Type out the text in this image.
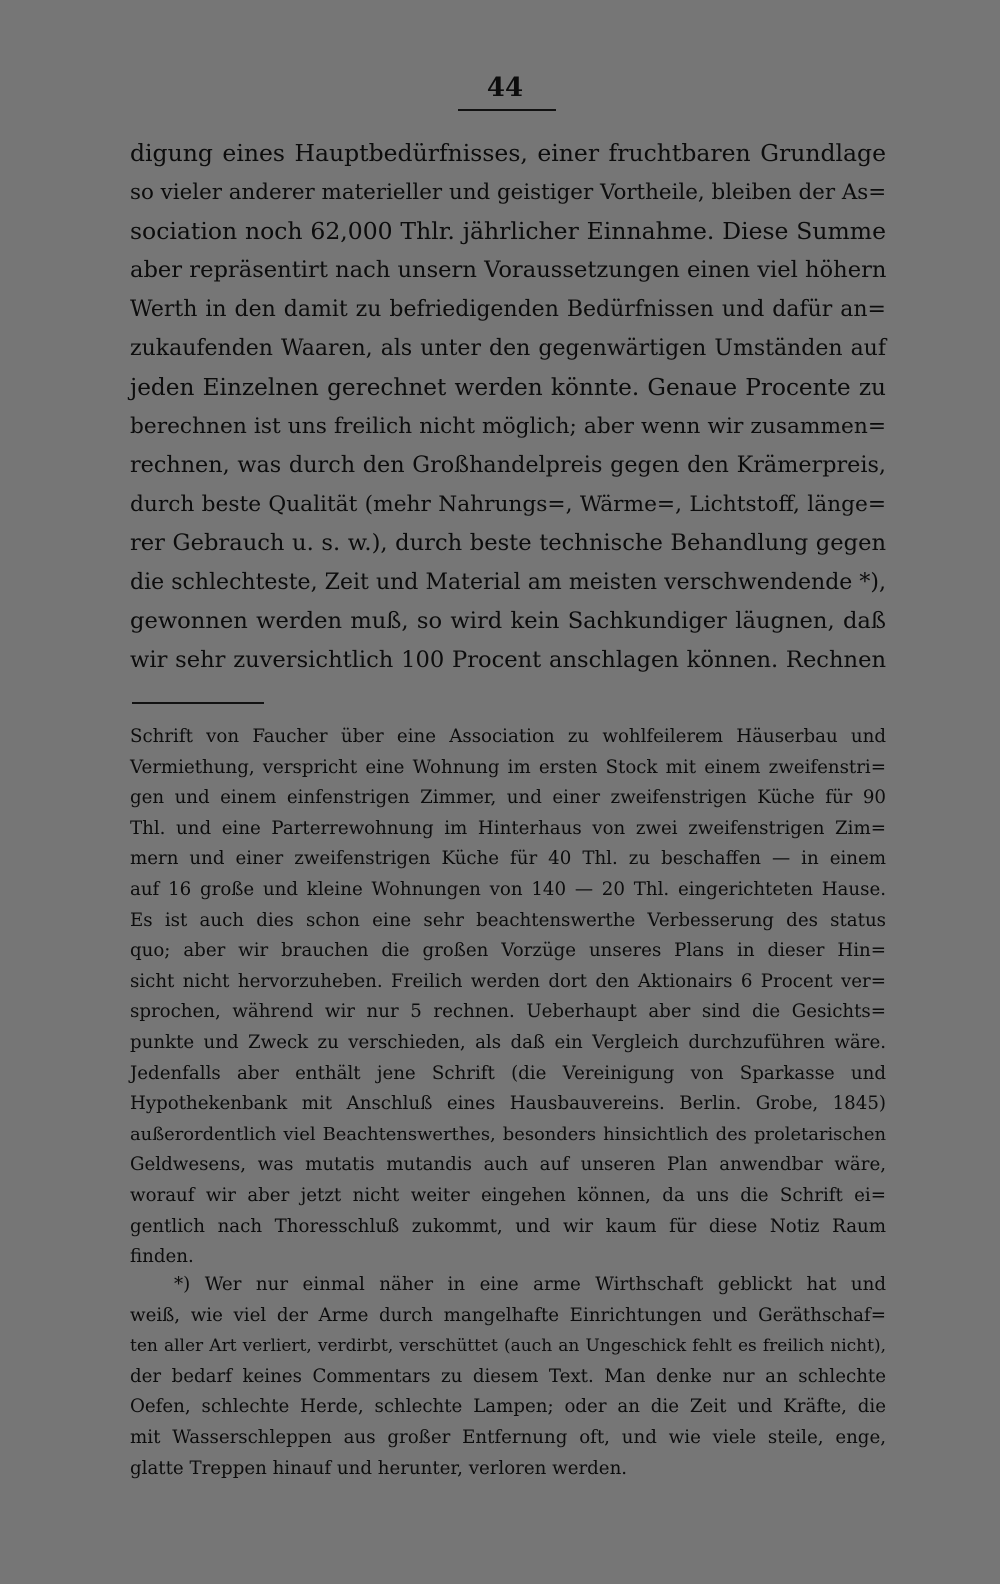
44
digung eines Hauptbedürfnisses, einer fruchtbaren Grundlage
so vieler anderer materieller und geistiger Vortheile, bleiben der As=
sociation noch 62,000 Thlr. jährlicher Einnahme. Diese Summe
aber repräsentirt nach unsern Voraussetzungen einen viel höhern
Werth in den damit zu befriedigenden Bedürfnissen und dafür an=
zukaufenden Waaren, als unter den gegenwärtigen Umständen auf
jeden Einzelnen gerechnet werden könnte. Genaue Procente zu
berechnen ist uns freilich nicht möglich; aber wenn wir zusammen=
rechnen, was durch den Großhandelpreis gegen den Krämerpreis,
durch beste Qualität (mehr Nahrungs=, Wärme=, Lichtstoff, länge=
rer Gebrauch u. s. w.), durch beste technische Behandlung gegen
die schlechteste, Zeit und Material am meisten verschwendende *),
gewonnen werden muß, so wird kein Sachkundiger läugnen, daß
wir sehr zuversichtlich 100 Procent anschlagen können. Rechnen
Schrift von Faucher über eine Association zu wohlfeilerem Häuserbau und
Vermiethung, verspricht eine Wohnung im ersten Stock mit einem zweifenstri=
gen und einem einfenstrigen Zimmer, und einer zweifenstrigen Küche für 90
Thl. und eine Parterrewohnung im Hinterhaus von zwei zweifenstrigen Zim=
mern und einer zweifenstrigen Küche für 40 Thl. zu beschaffen — in einem
auf 16 große und kleine Wohnungen von 140 — 20 Thl. eingerichteten Hause.
Es ist auch dies schon eine sehr beachtenswerthe Verbesserung des status
quo; aber wir brauchen die großen Vorzüge unseres Plans in dieser Hin=
sicht nicht hervorzuheben. Freilich werden dort den Aktionairs 6 Procent ver=
sprochen, während wir nur 5 rechnen. Ueberhaupt aber sind die Gesichts=
punkte und Zweck zu verschieden, als daß ein Vergleich durchzuführen wäre.
Jedenfalls aber enthält jene Schrift (die Vereinigung von Sparkasse und
Hypothekenbank mit Anschluß eines Hausbauvereins. Berlin. Grobe, 1845)
außerordentlich viel Beachtenswerthes, besonders hinsichtlich des proletarischen
Geldwesens, was mutatis mutandis auch auf unseren Plan anwendbar wäre,
worauf wir aber jetzt nicht weiter eingehen können, da uns die Schrift ei=
gentlich nach Thoresschluß zukommt, und wir kaum für diese Notiz Raum
finden.
*) Wer nur einmal näher in eine arme Wirthschaft geblickt hat und
weiß, wie viel der Arme durch mangelhafte Einrichtungen und Geräthschaf=
ten aller Art verliert, verdirbt, verschüttet (auch an Ungeschick fehlt es freilich nicht),
der bedarf keines Commentars zu diesem Text. Man denke nur an schlechte
Oefen, schlechte Herde, schlechte Lampen; oder an die Zeit und Kräfte, die
mit Wasserschleppen aus großer Entfernung oft, und wie viele steile, enge,
glatte Treppen hinauf und herunter, verloren werden.
